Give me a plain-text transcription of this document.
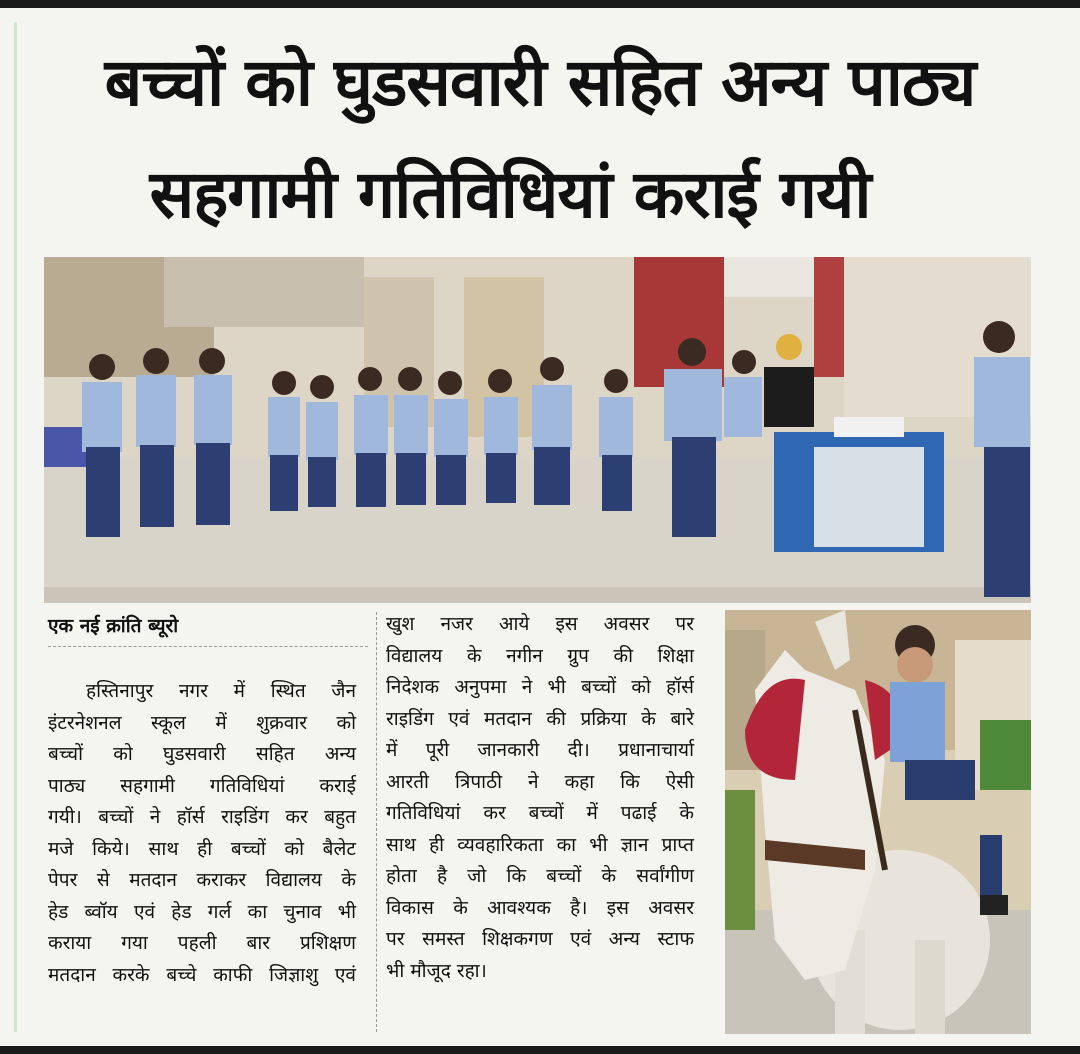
बच्चों को घुडसवारी सहित अन्य पाठ्य
सहगामी गतिविधियां कराई गयी
एक नई क्रांति ब्यूरो
हस्तिनापुर नगर में स्थित जैन
इंटरनेशनल स्कूल में शुक्रवार को
बच्चों को घुडसवारी सहित अन्य
पाठ्य सहगामी गतिविधियां कराई
गयी। बच्चों ने हॉर्स राइडिंग कर बहुत
मजे किये। साथ ही बच्चों को बैलेट
पेपर से मतदान कराकर विद्यालय के
हेड ब्वॉय एवं हेड गर्ल का चुनाव भी
कराया गया पहली बार प्रशिक्षण
मतदान करके बच्चे काफी जिज्ञाशु एवं
खुश नजर आये इस अवसर पर
विद्यालय के नगीन ग्रुप की शिक्षा
निदेशक अनुपमा ने भी बच्चों को हॉर्स
राइडिंग एवं मतदान की प्रक्रिया के बारे
में पूरी जानकारी दी। प्रधानाचार्या
आरती त्रिपाठी ने कहा कि ऐसी
गतिविधियां कर बच्चों में पढाई के
साथ ही व्यवहारिकता का भी ज्ञान प्राप्त
होता है जो कि बच्चों के सर्वांगीण
विकास के आवश्यक है। इस अवसर
पर समस्त शिक्षकगण एवं अन्य स्टाफ
भी मौजूद रहा।
